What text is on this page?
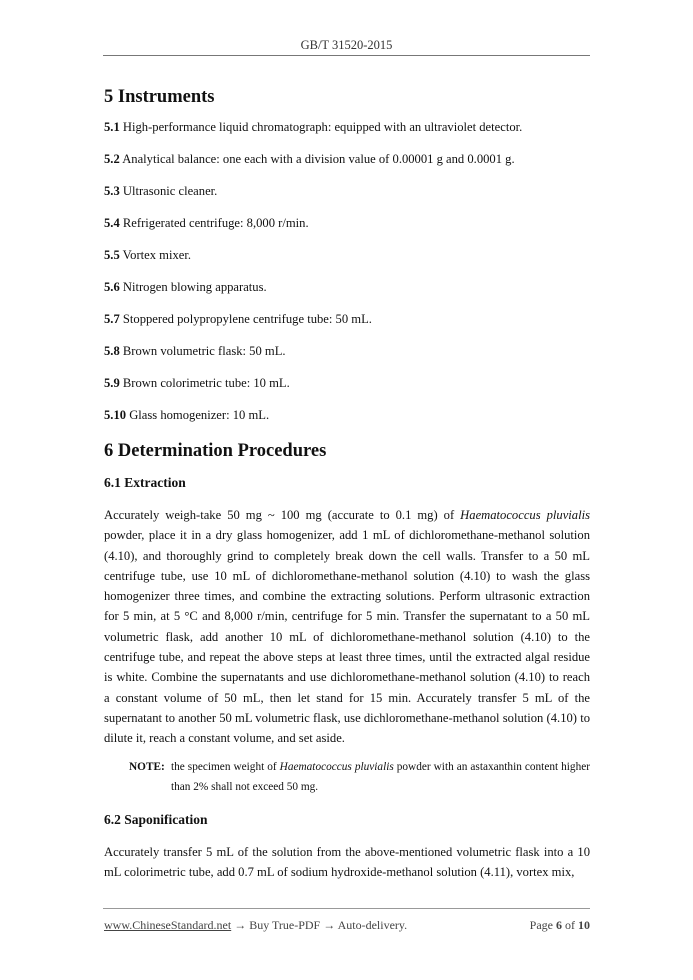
GB/T 31520-2015
5 Instruments

5.1 High-performance liquid chromatograph: equipped with an ultraviolet detector.

5.2 Analytical balance: one each with a division value of 0.00001 g and 0.0001 g.

5.3 Ultrasonic cleaner.

5.4 Refrigerated centrifuge: 8,000 r/min.

5.5 Vortex mixer.

5.6 Nitrogen blowing apparatus.

5.7 Stoppered polypropylene centrifuge tube: 50 mL.

5.8 Brown volumetric flask: 50 mL.

5.9 Brown colorimetric tube: 10 mL.

5.10 Glass homogenizer: 10 mL.

6 Determination Procedures
6.1 Extraction

Accurately weigh-take 50 mg ~ 100 mg (accurate to 0.1 mg) of Haematococcus pluvialis powder, place it in a dry glass homogenizer, add 1 mL of dichloromethane-methanol solution (4.10), and thoroughly grind to completely break down the cell walls. Transfer to a 50 mL centrifuge tube, use 10 mL of dichloromethane-methanol solution (4.10) to wash the glass homogenizer three times, and combine the extracting solutions. Perform ultrasonic extraction for 5 min, at 5 °C and 8,000 r/min, centrifuge for 5 min. Transfer the supernatant to a 50 mL volumetric flask, add another 10 mL of dichloromethane-methanol solution (4.10) to the centrifuge tube, and repeat the above steps at least three times, until the extracted algal residue is white. Combine the supernatants and use dichloromethane-methanol solution (4.10) to reach a constant volume of 50 mL, then let stand for 15 min. Accurately transfer 5 mL of the supernatant to another 50 mL volumetric flask, use dichloromethane-methanol solution (4.10) to dilute it, reach a constant volume, and set aside.

NOTE: the specimen weight of Haematococcus pluvialis powder with an astaxanthin content higher than 2% shall not exceed 50 mg.
6.2 Saponification

Accurately transfer 5 mL of the solution from the above-mentioned volumetric flask into a 10 mL colorimetric tube, add 0.7 mL of sodium hydroxide-methanol solution (4.11), vortex mix,

www.ChineseStandard.net → Buy True-PDF → Auto-delivery.	Page 6 of 10
